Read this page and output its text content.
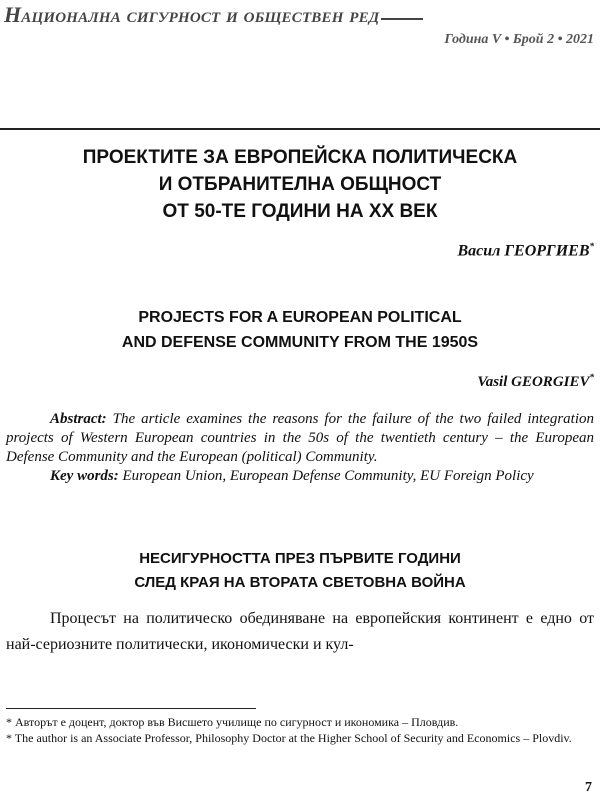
Национална сигурност и обществен ред
Година V • Брой 2 • 2021
ПРОЕКТИТЕ ЗА ЕВРОПЕЙСКА ПОЛИТИЧЕСКА
И ОТБРАНИТЕЛНА ОБЩНОСТ
ОТ 50-ТЕ ГОДИНИ НА XX ВЕК
Васил ГЕОРГИЕВ*
PROJECTS FOR A EUROPEAN POLITICAL
AND DEFENSE COMMUNITY FROM THE 1950S
Vasil GEORGIEV*

Abstract: The article examines the reasons for the failure of the two failed integration projects of Western European countries in the 50s of the twentieth century – the European Defense Community and the European (political) Community.

Key words: European Union, European Defense Community, EU Foreign Policy

НЕСИГУРНОСТТА ПРЕЗ ПЪРВИТЕ ГОДИНИ
СЛЕД КРАЯ НА ВТОРАТА СВЕТОВНА ВОЙНА

Процесът на политическо обединяване на европейския континент е едно от най-сериозните политически, икономически и кул-

* Авторът е доцент, доктор във Висшето училище по сигурност и икономика – Пловдив.

* The author is an Associate Professor, Philosophy Doctor at the Higher School of Security and Economics – Plovdiv.

7
